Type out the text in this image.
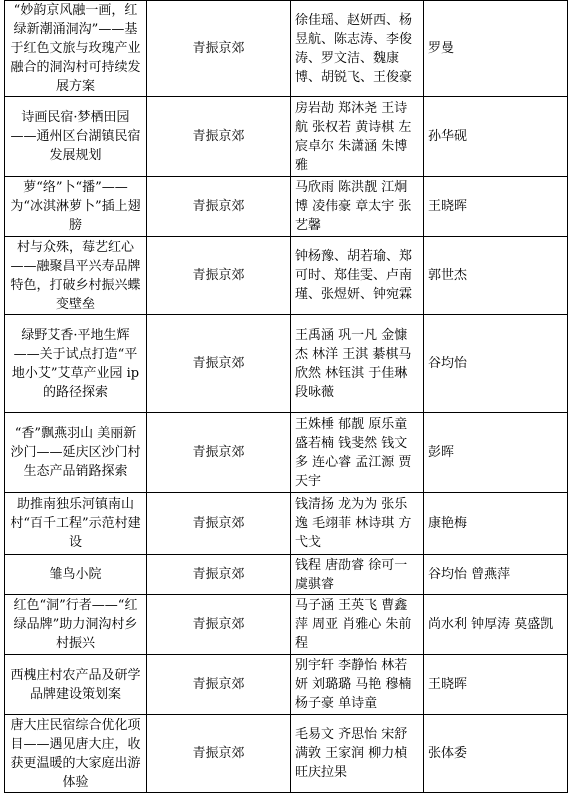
“妙韵京风融一画，红绿新潮涌洞沟”——基于红色文旅与玫瑰产业融合的洞沟村可持续发展方案	青振京郊	徐佳瑶、赵妍西、杨昱航、陈志涛、李俊涛、罗文洁、魏康博、胡锐飞、王俊豪	罗曼
诗画民宿·梦栖田园——通州区台湖镇民宿发展规划	青振京郊	房岩劼 郑沐尧 王诗航 张权若 黄诗棋 左宸卓尔 朱潇涵 朱博雅	孙华砚
萝“络”卜“播”——为“冰淇淋萝卜”插上翅膀	青振京郊	马欣雨 陈洪靓 江炯博 凌伟豪 章太宇 张艺馨	王晓晖
村与众殊，莓艺红心——融聚昌平兴寿品牌特色，打破乡村振兴蝶变壁垒	青振京郊	钟杨豫、胡若瑜、郑可时、郑佳雯、卢南瑾、张煜妍、钟宛霖	郭世杰
绿野艾香·平地生辉——关于试点打造“平地小艾”艾草产业园 ip 的路径探索	青振京郊	王禹涵 巩一凡 金慷杰 林洋 王淇 綦棋马欣然 林钰淇 于佳琳 段咏薇	谷均怡
“香”飘燕羽山 美丽新沙门——延庆区沙门村生态产品销路探索	青振京郊	王姝棰 郁靓 原乐童盛若楠 钱斐然 钱文多 连心睿 孟江源 贾天宇	彭晖
助推南独乐河镇南山村“百千工程”示范村建设	青振京郊	钱清扬 龙为为 张乐逸 毛翊菲 林诗琪 方弋戈	康艳梅
雏鸟小院	青振京郊	钱程 唐劭睿 徐可一虞骐睿	谷均怡 曾燕萍
红色“洞”行者——“红绿品牌”助力洞沟村乡村振兴	青振京郊	马子涵 王英飞 曹鑫萍 周亚 肖雅心 朱前程	尚水利 钟厚涛 莫盛凯
西槐庄村农产品及研学品牌建设策划案	青振京郊	别宇轩 李静怡 林若妍 刘璐璐 马艳 穆楠杨子豪 单诗童	王晓晖
唐大庄民宿综合优化项目——遇见唐大庄，收获更温暖的大家庭出游体验	青振京郊	毛易文 齐思怡 宋舒满敦 王家润 柳力楨旺庆拉果	张体委
